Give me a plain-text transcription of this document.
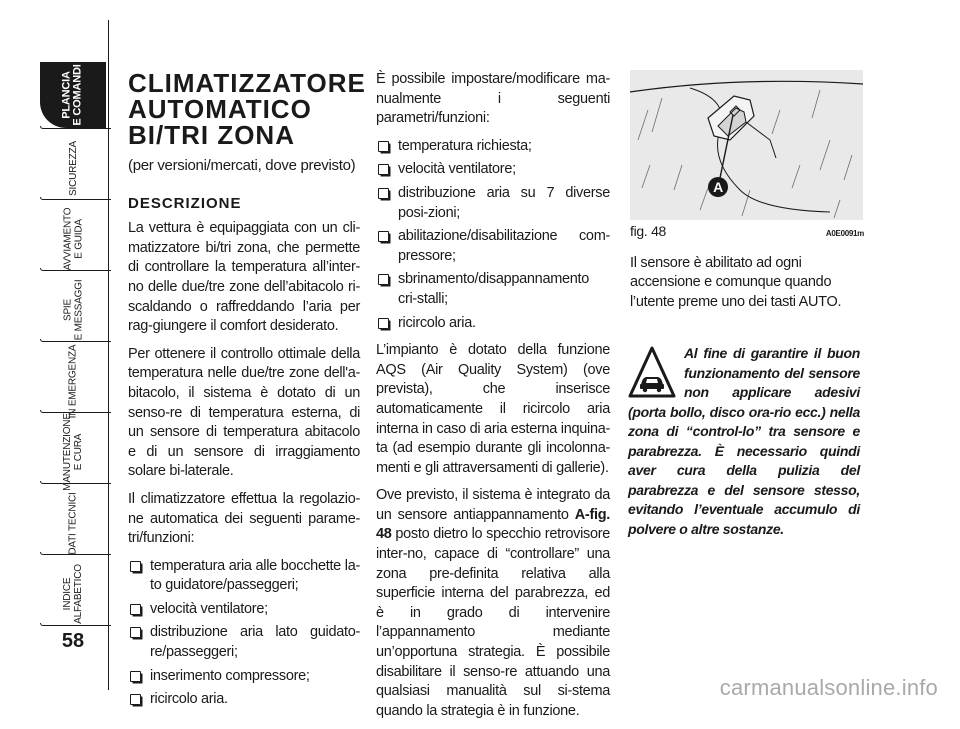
PLANCIA
E COMANDI
SICUREZZA
AVVIAMENTO
E GUIDA
SPIE
E MESSAGGI
IN EMERGENZA
MANUTENZIONE
E CURA
DATI TECNICI
INDICE
ALFABETICO
58
CLIMATIZZATORE
AUTOMATICO
BI/TRI ZONA
(per versioni/mercati, dove previsto)
DESCRIZIONE

La vettura è equipaggiata con un cli-matizzatore bi/tri zona, che permette di controllare la temperatura all’inter-no delle due/tre zone dell’abitacolo ri-scaldando o raffreddando l’aria per rag-giungere il comfort desiderato.

Per ottenere il controllo ottimale della temperatura nelle due/tre zone dell'a-bitacolo, il sistema è dotato di un senso-re di temperatura esterna, di un sensore di temperatura abitacolo e di un sensore di irraggiamento solare bi-laterale.

Il climatizzatore effettua la regolazio-ne automatica dei seguenti parame-tri/funzioni:

temperatura aria alle bocchette la-to guidatore/passeggeri;
velocità ventilatore;
distribuzione aria lato guidato-re/passeggeri;
inserimento compressore;
ricircolo aria.

È possibile impostare/modificare ma-nualmente i seguenti parametri/funzioni:

temperatura richiesta;
velocità ventilatore;
distribuzione aria su 7 diverse posi-zioni;
abilitazione/disabilitazione com-pressore;
sbrinamento/disappannamento cri-stalli;
ricircolo aria.

L’impianto è dotato della funzione AQS (Air Quality System) (ove prevista), che inserisce automaticamente il ricircolo aria interna in caso di aria esterna inquina-ta (ad esempio durante gli incolonna-menti e gli attraversamenti di gallerie).

Ove previsto, il sistema è integrato da un sensore antiappannamento A-fig. 48 posto dietro lo specchio retrovisore inter-no, capace di “controllare” una zona pre-definita relativa alla superficie interna del parabrezza, ed è in grado di intervenire l’appannamento mediante un’opportuna strategia. È possibile disabilitare il senso-re attuando una qualsiasi manualità sul si-stema quando la strategia è in funzione.

A
fig. 48	A0E0091m

Il sensore è abilitato ad ogni accensione e comunque quando l’utente preme uno dei tasti AUTO.

Al fine di garantire il buon funzionamento del sensore non applicare adesivi (porta bollo, disco ora-rio ecc.) nella zona di “control-lo” tra sensore e parabrezza. È necessario quindi aver cura della pulizia del parabrezza e del sensore stesso, evitando l’eventuale accumulo di polvere o altre sostanze.

carmanualsonline.info
